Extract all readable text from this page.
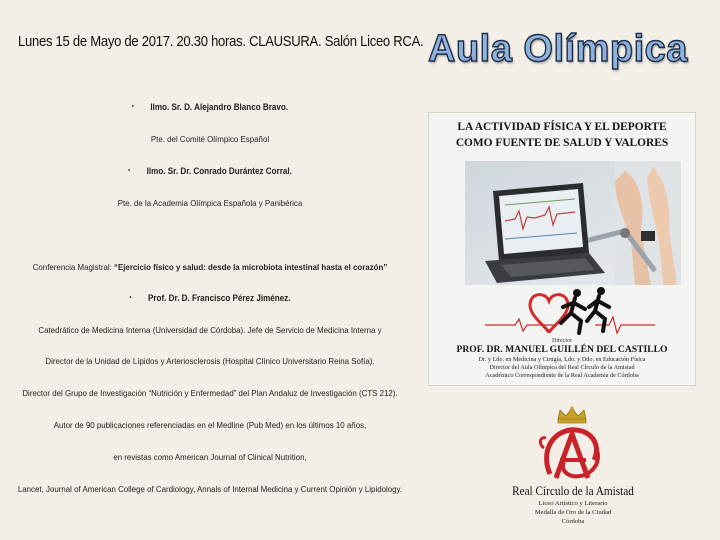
Lunes 15 de Mayo de 2017. 20.30 horas. CLAUSURA. Salón Liceo RCA.
• Ilmo. Sr. D. Alejandro Blanco Bravo.
Pte. del Comité Olímpico Español
• Ilmo. Sr. Dr. Conrado Durántez Corral.
Pte. de la Academia Olímpica Española y Panibérica
Conferencia Magistral: “Ejercicio físico y salud: desde la microbiota intestinal hasta el corazón”
• Prof. Dr. D. Francisco Pérez Jiménez.
Catedrático de Medicina Interna (Universidad de Córdoba). Jefe de Servicio de Medicina Interna y
Director de la Unidad de Lípidos y Arteriosclerosis (Hospital Clínico Universitario Reina Sofía).
Director del Grupo de Investigación “Nutrición y Enfermedad” del Plan Andaluz de Investigación (CTS 212).
Autor de 90 publicaciones referenciadas en el Medline (Pub Med) en los últimos 10 años,
en revistas como American Journal of Clinical Nutrition,
Lancet, Journal of American College of Cardiology, Annals of Internal Medicina y Current Opinión y Lipidology.
Aula Olímpica
LA ACTIVIDAD FÍSICA Y EL DEPORTE
COMO FUENTE DE SALUD Y VALORES
Director
PROF. DR. MANUEL GUILLÉN DEL CASTILLO
Dr. y Ldo. en Medicina y Cirugía, Ldo. y Ddo. en Educación Física
Director del Aula Olímpica del Real Círculo de la Amistad
Académico Correspondiente de la Real Academia de Córdoba
Real Círculo de la Amistad
Liceo Artístico y Literario
Medalla de Oro de la Ciudad
Córdoba
